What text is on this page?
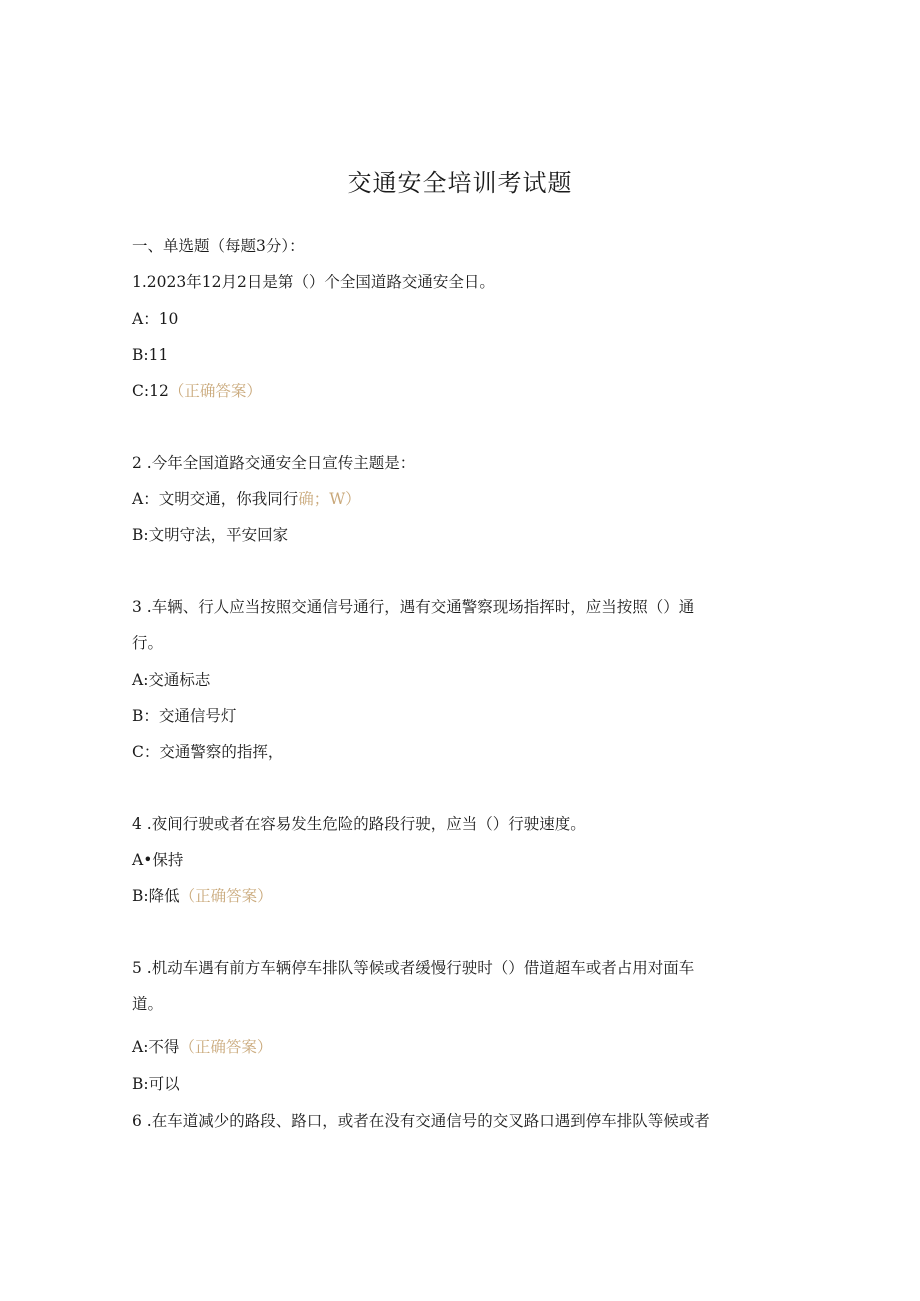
交通安全培训考试题
一、单选题（每题3分）：
1.2023年12月2日是第（）个全国道路交通安全日。
A：10
B:11
C:12（正确答案）
2 .今年全国道路交通安全日宣传主题是：
A：文明交通，你我同行确；W）
B:文明守法，平安回家
3 .车辆、行人应当按照交通信号通行，遇有交通警察现场指挥时，应当按照（）通
行。
A:交通标志
B：交通信号灯
C：交通警察的指挥，
4 .夜间行驶或者在容易发生危险的路段行驶，应当（）行驶速度。
A•保持
B:降低（正确答案）
5 .机动车遇有前方车辆停车排队等候或者缓慢行驶时（）借道超车或者占用对面车
道。
A:不得（正确答案）
B:可以
6 .在车道减少的路段、路口，或者在没有交通信号的交叉路口遇到停车排队等候或者
